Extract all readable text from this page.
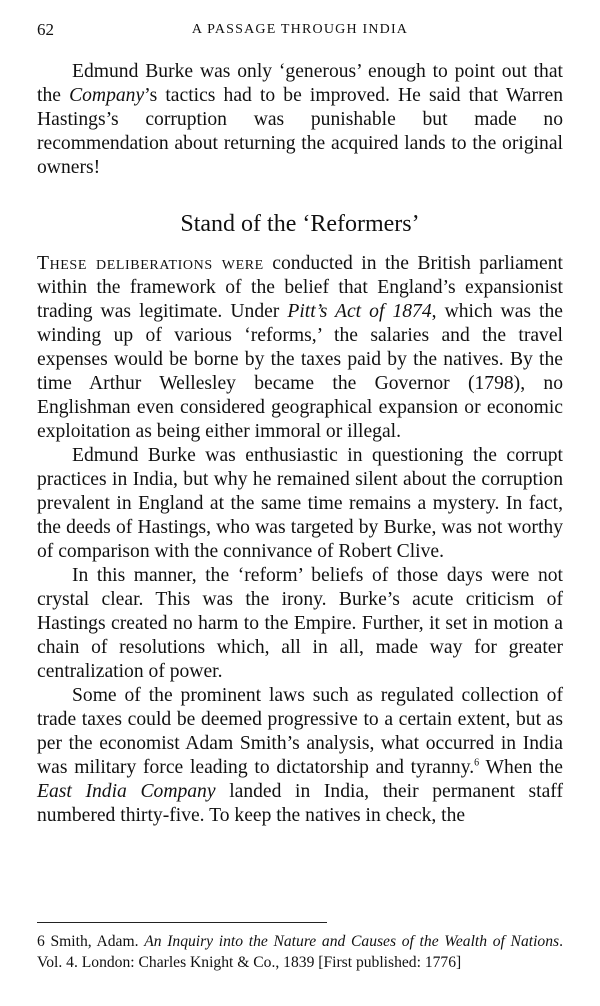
62	A PASSAGE THROUGH INDIA

Edmund Burke was only ‘generous’ enough to point out that the Company’s tactics had to be improved. He said that Warren Hastings’s corruption was punishable but made no recommendation about returning the acquired lands to the original owners!

Stand of the ‘Reformers’

These deliberations were conducted in the British parliament within the framework of the belief that England’s expansionist trading was legitimate. Under Pitt’s Act of 1874, which was the winding up of various ‘reforms,’ the salaries and the travel expenses would be borne by the taxes paid by the natives. By the time Arthur Wellesley became the Governor (1798), no Englishman even considered geographical expansion or economic exploitation as being either immoral or illegal.

Edmund Burke was enthusiastic in questioning the corrupt practices in India, but why he remained silent about the corruption prevalent in England at the same time remains a mystery. In fact, the deeds of Hastings, who was targeted by Burke, was not worthy of comparison with the connivance of Robert Clive.

In this manner, the ‘reform’ beliefs of those days were not crystal clear. This was the irony. Burke’s acute criticism of Hastings created no harm to the Empire. Further, it set in motion a chain of resolutions which, all in all, made way for greater centralization of power.

Some of the prominent laws such as regulated collection of trade taxes could be deemed progressive to a certain extent, but as per the economist Adam Smith’s analysis, what occurred in India was military force leading to dictatorship and tyranny.$^6$ When the East India Company landed in India, their permanent staff numbered thirty-five. To keep the natives in check, the

6 Smith, Adam. An Inquiry into the Nature and Causes of the Wealth of Nations. Vol. 4. London: Charles Knight & Co., 1839 [First published: 1776]
